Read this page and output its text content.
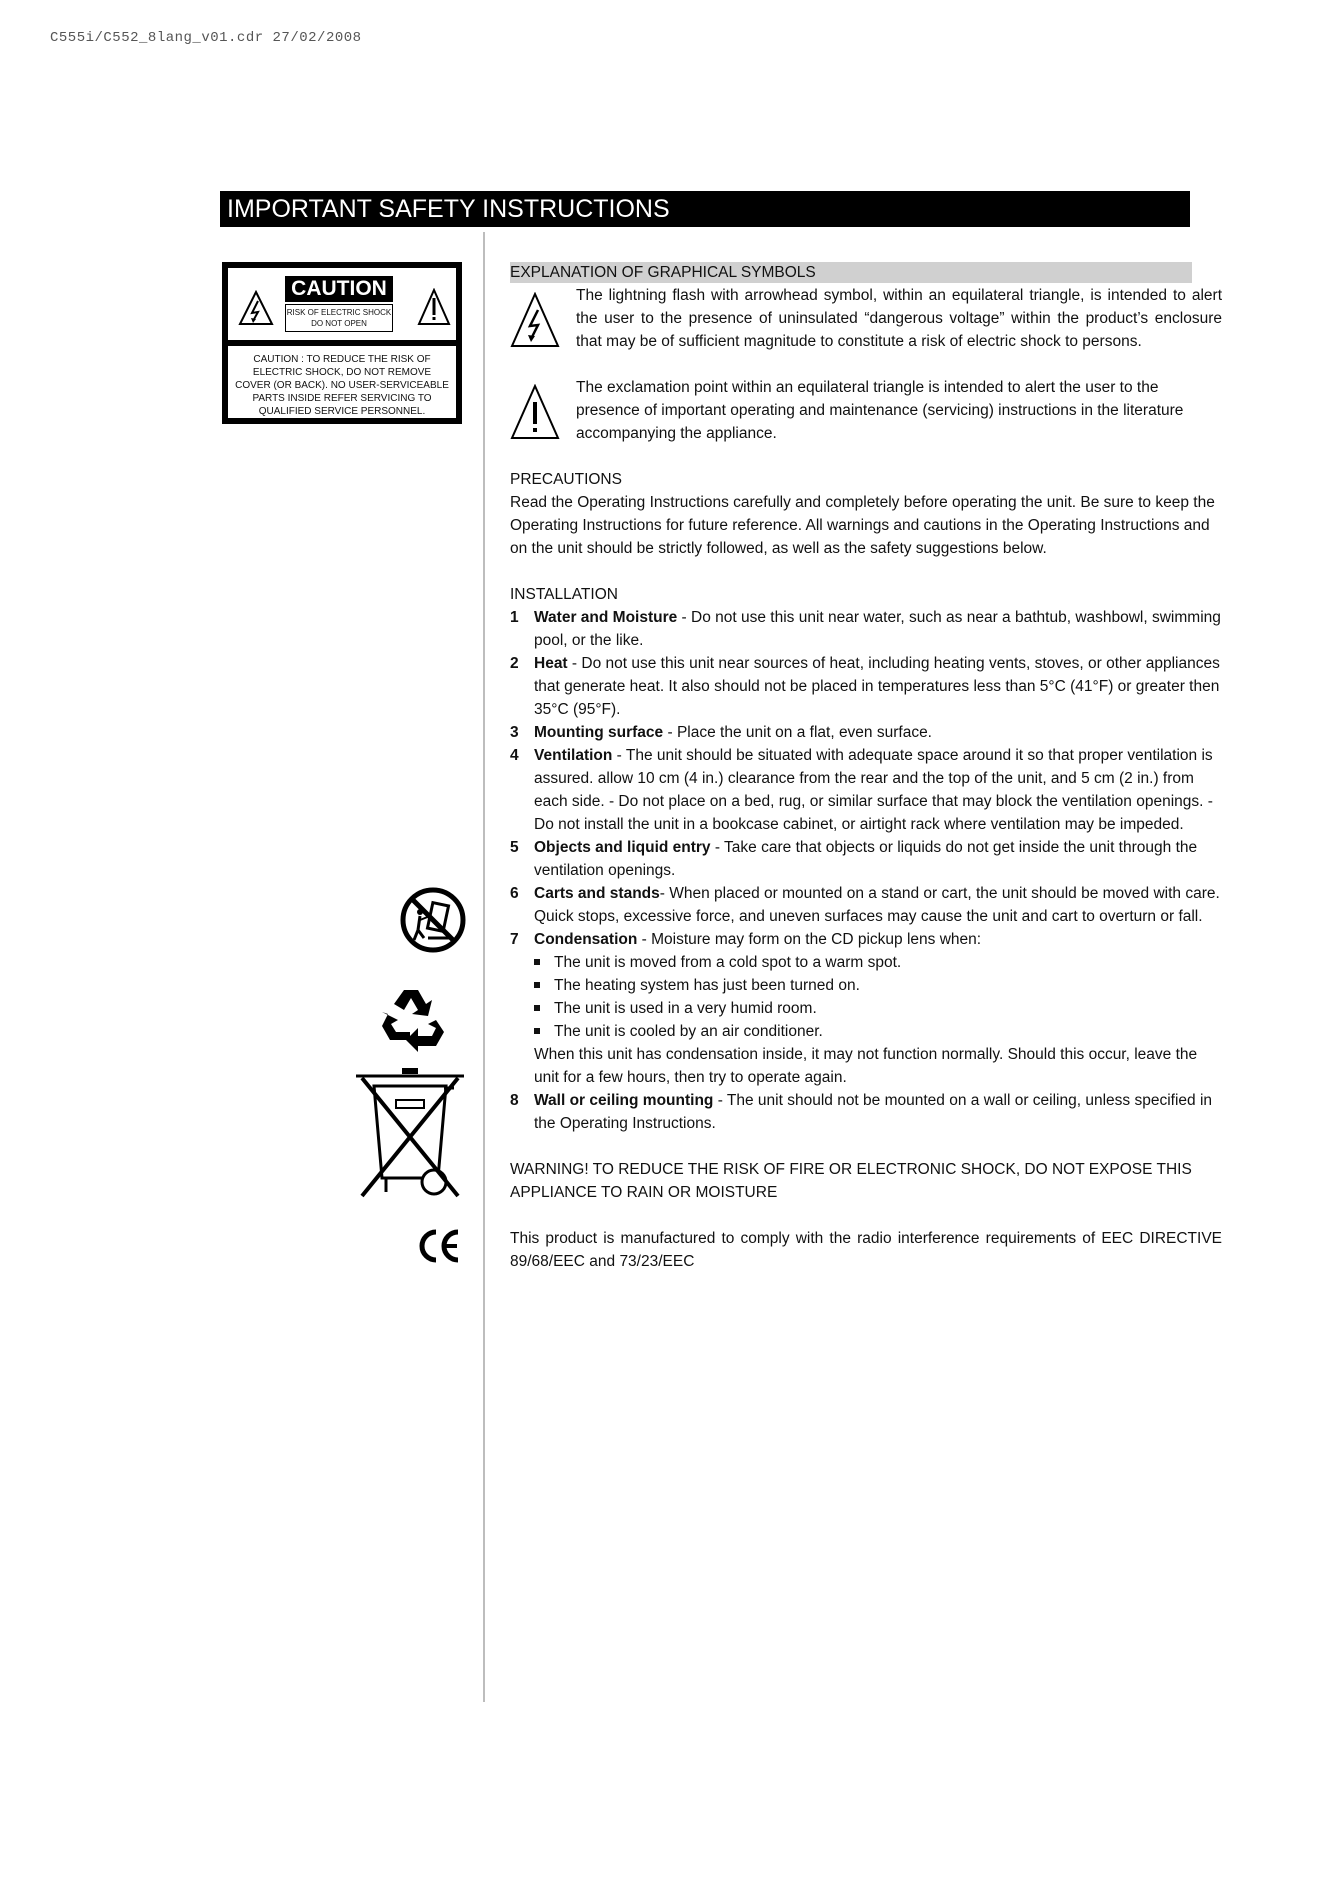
C555i/C552_8lang_v01.cdr 27/02/2008
IMPORTANT SAFETY INSTRUCTIONS
CAUTION
RISK OF ELECTRIC SHOCK
DO NOT OPEN
CAUTION : TO REDUCE THE RISK OF
ELECTRIC SHOCK, DO NOT REMOVE
COVER (OR BACK). NO USER-SERVICEABLE
PARTS INSIDE REFER SERVICING TO
QUALIFIED SERVICE PERSONNEL.
EXPLANATION OF GRAPHICAL SYMBOLS
The lightning flash with arrowhead symbol, within an equilateral triangle, is intended to alert the user to the presence of uninsulated “dangerous voltage” within the product’s enclosure that may be of sufficient magnitude to constitute a risk of electric shock to persons.
The exclamation point within an equilateral triangle is intended to alert the user to the presence of important operating and maintenance (servicing) instructions in the literature accompanying the appliance.
PRECAUTIONS
Read the Operating Instructions carefully and completely before operating the unit. Be sure to keep the Operating Instructions for future reference. All warnings and cautions in the Operating Instructions and on the unit should be strictly followed, as well as the safety suggestions below.
INSTALLATION
1 Water and Moisture - Do not use this unit near water, such as near a bathtub, washbowl, swimming pool, or the like.
2 Heat - Do not use this unit near sources of heat, including heating vents, stoves, or other appliances that generate heat. It also should not be placed in temperatures less than 5°C (41°F) or greater then 35°C (95°F).
3 Mounting surface - Place the unit on a flat, even surface.
4 Ventilation - The unit should be situated with adequate space around it so that proper ventilation is assured. allow 10 cm (4 in.) clearance from the rear and the top of the unit, and 5 cm (2 in.) from each side. - Do not place on a bed, rug, or similar surface that may block the ventilation openings. - Do not install the unit in a bookcase cabinet, or airtight rack where ventilation may be impeded.
5 Objects and liquid entry - Take care that objects or liquids do not get inside the unit through the ventilation openings.
6 Carts and stands- When placed or mounted on a stand or cart, the unit should be moved with care. Quick stops, excessive force, and uneven surfaces may cause the unit and cart to overturn or fall.
7 Condensation - Moisture may form on the CD pickup lens when:
The unit is moved from a cold spot to a warm spot.
The heating system has just been turned on.
The unit is used in a very humid room.
The unit is cooled by an air conditioner.
When this unit has condensation inside, it may not function normally. Should this occur, leave the unit for a few hours, then try to operate again.
8 Wall or ceiling mounting - The unit should not be mounted on a wall or ceiling, unless specified in the Operating Instructions.
WARNING! TO REDUCE THE RISK OF FIRE OR ELECTRONIC SHOCK, DO NOT EXPOSE THIS APPLIANCE TO RAIN OR MOISTURE
This product is manufactured to comply with the radio interference requirements of EEC DIRECTIVE 89/68/EEC and 73/23/EEC
